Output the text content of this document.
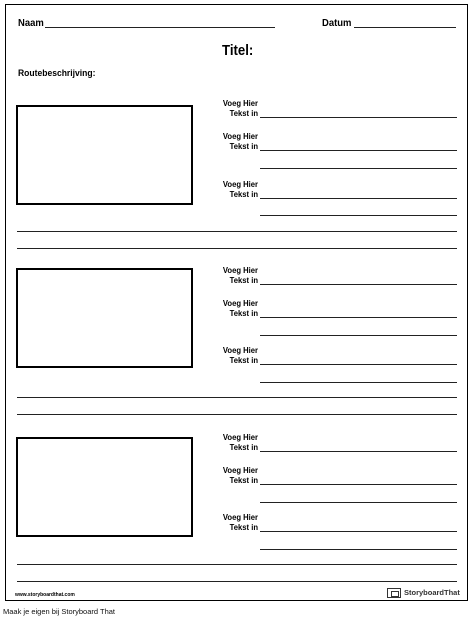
Naam	Datum
Titel:
Routebeschrijving:
Voeg Hier Tekst in
Voeg Hier Tekst in
Voeg Hier Tekst in
Voeg Hier Tekst in
Voeg Hier Tekst in
Voeg Hier Tekst in
Voeg Hier Tekst in
Voeg Hier Tekst in
Voeg Hier Tekst in
www.storyboardthat.com	StoryboardThat
Maak je eigen bij Storyboard That
